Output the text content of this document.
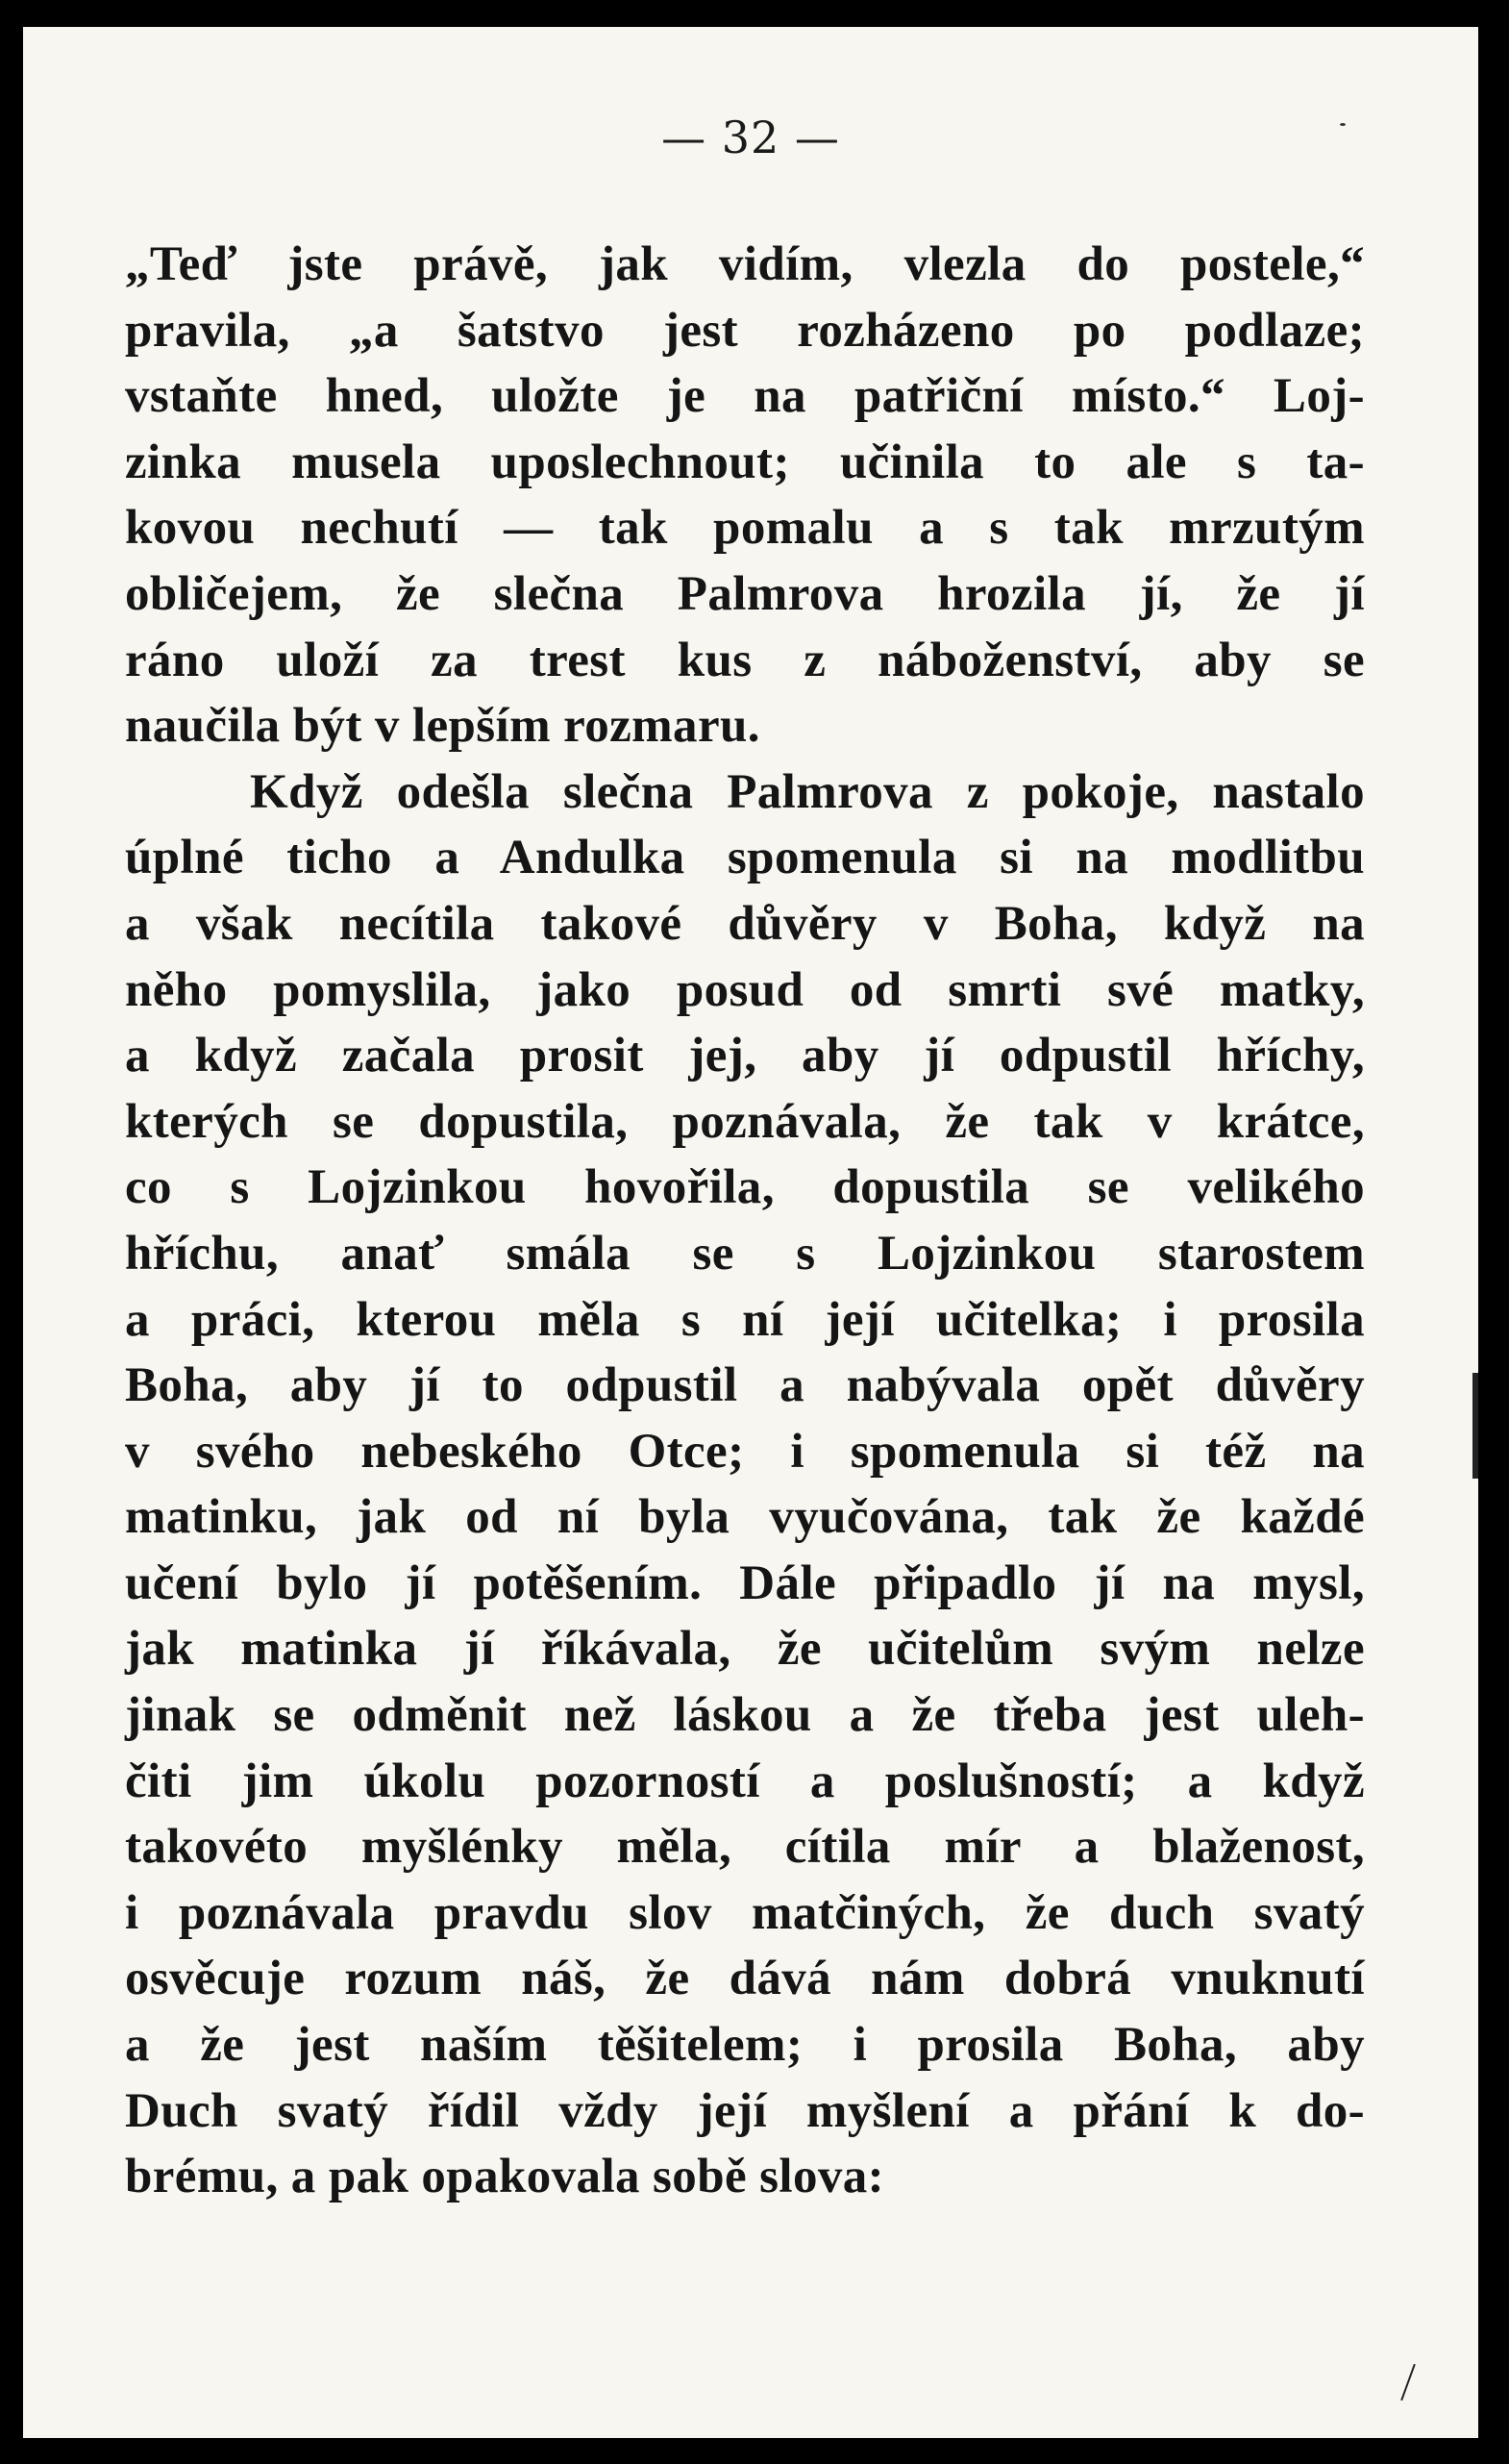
— 32 —
„Teď jste právě, jak vidím, vlezla do postele,“
pravila, „a šatstvo jest rozházeno po podlaze;
vstaňte hned, uložte je na patřiční místo.“ Loj-
zinka musela uposlechnout; učinila to ale s ta-
kovou nechutí — tak pomalu a s tak mrzutým
obličejem, že slečna Palmrova hrozila jí, že jí
ráno uloží za trest kus z náboženství, aby se
naučila být v lepším rozmaru.
Když odešla slečna Palmrova z pokoje, nastalo
úplné ticho a Andulka spomenula si na modlitbu
a však necítila takové důvěry v Boha, když na
něho pomyslila, jako posud od smrti své matky,
a když začala prosit jej, aby jí odpustil hříchy,
kterých se dopustila, poznávala, že tak v krátce,
co s Lojzinkou hovořila, dopustila se velikého
hříchu, anať smála se s Lojzinkou starostem
a práci, kterou měla s ní její učitelka; i prosila
Boha, aby jí to odpustil a nabývala opět důvěry
v svého nebeského Otce; i spomenula si též na
matinku, jak od ní byla vyučována, tak že každé
učení bylo jí potěšením. Dále připadlo jí na mysl,
jak matinka jí říkávala, že učitelům svým nelze
jinak se odměnit než láskou a že třeba jest uleh-
čiti jim úkolu pozorností a poslušností; a když
takovéto myšlénky měla, cítila mír a blaženost,
i poznávala pravdu slov matčiných, že duch svatý
osvěcuje rozum náš, že dává nám dobrá vnuknutí
a že jest naším těšitelem; i prosila Boha, aby
Duch svatý řídil vždy její myšlení a přání k do-
brému, a pak opakovala sobě slova:
